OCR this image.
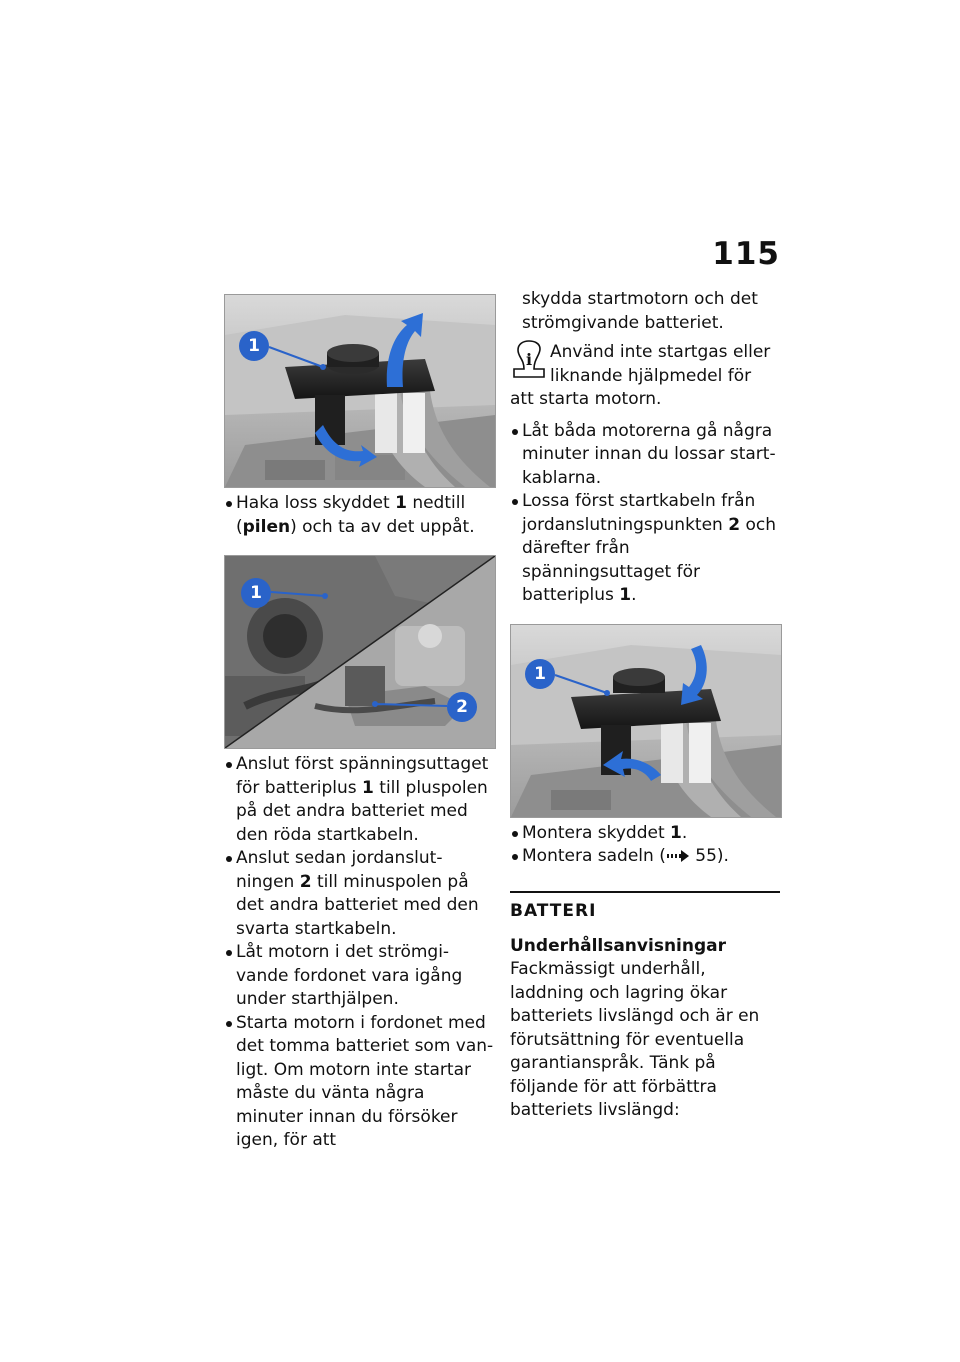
115
1
Haka loss skyddet 1 nedtill
(pilen) och ta av det uppåt.
1
2
Anslut först spänningsuttaget för batteriplus 1 till pluspolen på det andra batteriet med den röda startkabeln.
Anslut sedan jordanslutningen 2 till minuspolen på det andra batteriet med den svarta startkabeln.
Låt motorn i det strömgivande fordonet vara igång under starthjälpen.
Starta motorn i fordonet med det tomma batteriet som vanligt. Om motorn inte startar måste du vänta några minuter innan du försöker igen, för att

skydda startmotorn och det strömgivande batteriet.

i Använd inte startgas eller liknande hjälpmedel för att starta motorn.
Låt båda motorerna gå några minuter innan du lossar startkablarna.
Lossa först startkabeln från jordanslutningspunkten 2 och därefter från spänningsuttaget för batteriplus 1.
1
Montera skyddet 1.
Montera sadeln ( 55).
BATTERI
Underhållsanvisningar

Fackmässigt underhåll, laddning och lagring ökar batteriets livslängd och är en förutsättning för eventuella garantianspråk. Tänk på följande för att förbättra batteriets livslängd:
